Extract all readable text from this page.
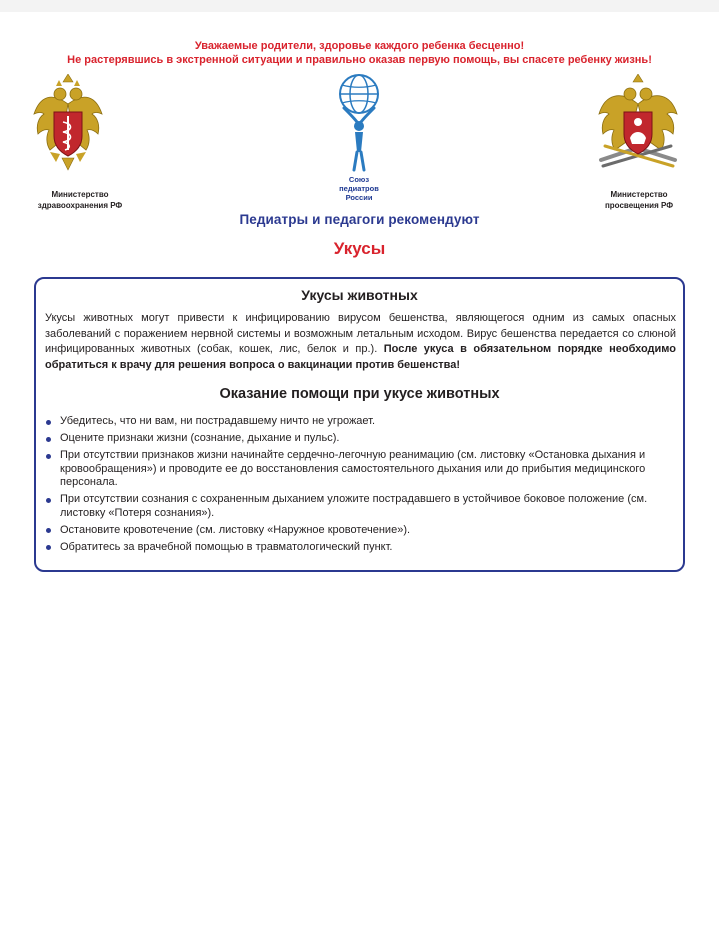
Уважаемые родители, здоровье каждого ребенка бесценно!
Не растерявшись в экстренной ситуации и правильно оказав первую помощь, вы спасете ребенку жизнь!
Союз
педиатров
России
Министерство
здравоохранения РФ
Министерство
просвещения РФ
Педиатры и педагоги рекомендуют
Укусы
Укусы животных

Укусы животных могут привести к инфицированию вирусом бешенства, являющегося одним из самых опасных заболеваний с поражением нервной системы и возможным летальным исходом. Вирус бешенства передается со слюной инфицированных животных (собак, кошек, лис, белок и пр.). После укуса в обязательном порядке необходимо обратиться к врачу для решения вопроса о вакцинации против бешенства!

Оказание помощи при укусе животных
Убедитесь, что ни вам, ни пострадавшему ничто не угрожает.
Оцените признаки жизни (сознание, дыхание и пульс).
При отсутствии признаков жизни начинайте сердечно-легочную реанимацию (см. листовку «Остановка дыхания и кровообращения») и проводите ее до восстановления самостоятельного дыхания или до прибытия медицинского персонала.
При отсутствии сознания с сохраненным дыханием уложите пострадавшего в устойчивое боковое положение (см. листовку «Потеря сознания»).
Остановите кровотечение (см. листовку «Наружное кровотечение»).
Обратитесь за врачебной помощью в травматологический пункт.
